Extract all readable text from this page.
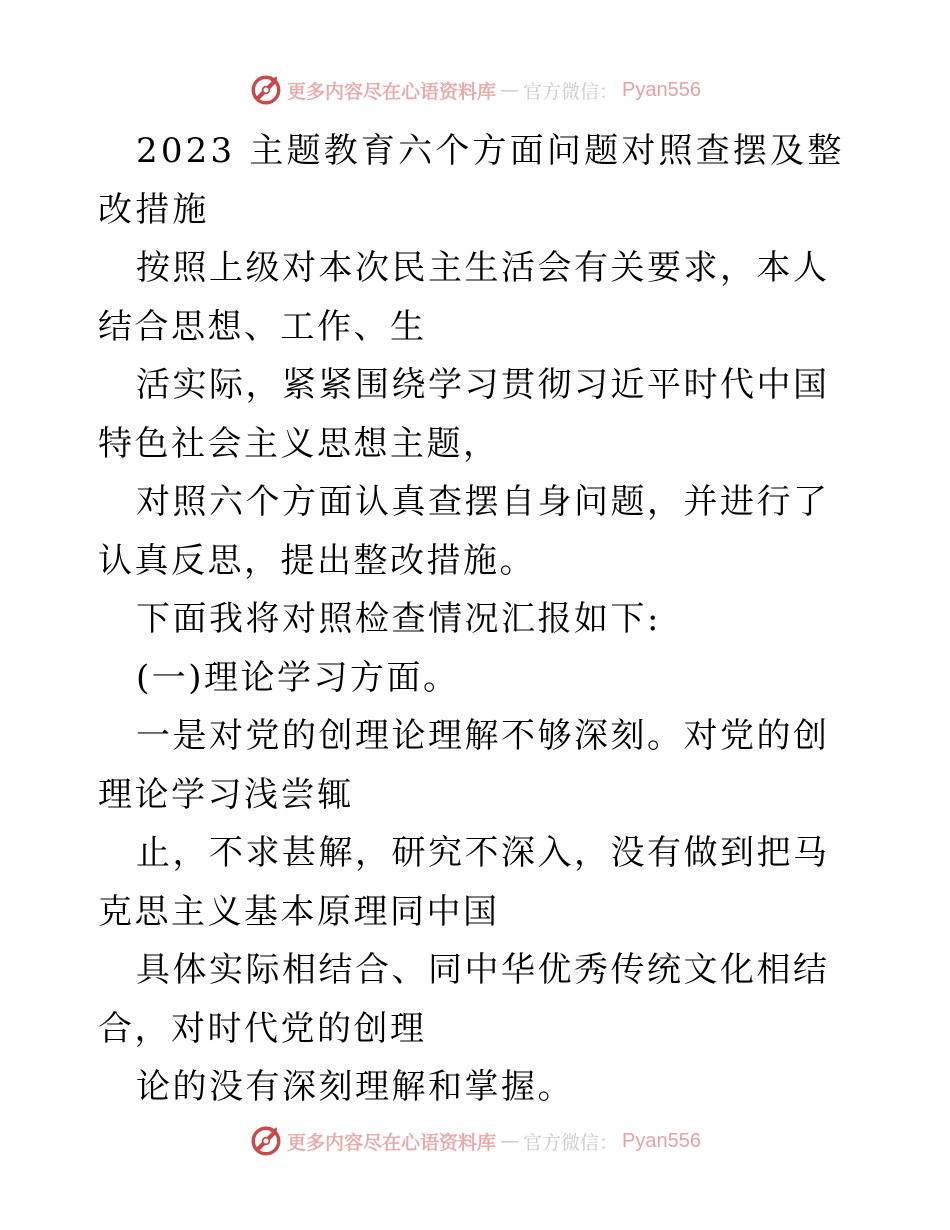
更多内容尽在心语资料库 — 官方微信： Pyan556

2023 主题教育六个方面问题对照查摆及整改措施

按照上级对本次民主生活会有关要求，本人结合思想、工作、生

活实际，紧紧围绕学习贯彻习近平时代中国特色社会主义思想主题，

对照六个方面认真查摆自身问题，并进行了认真反思，提出整改措施。

下面我将对照检查情况汇报如下:

(一)理论学习方面。

一是对党的创理论理解不够深刻。对党的创理论学习浅尝辄

止，不求甚解，研究不深入，没有做到把马克思主义基本原理同中国

具体实际相结合、同中华优秀传统文化相结合，对时代党的创理

论的没有深刻理解和掌握。

更多内容尽在心语资料库 — 官方微信： Pyan556
